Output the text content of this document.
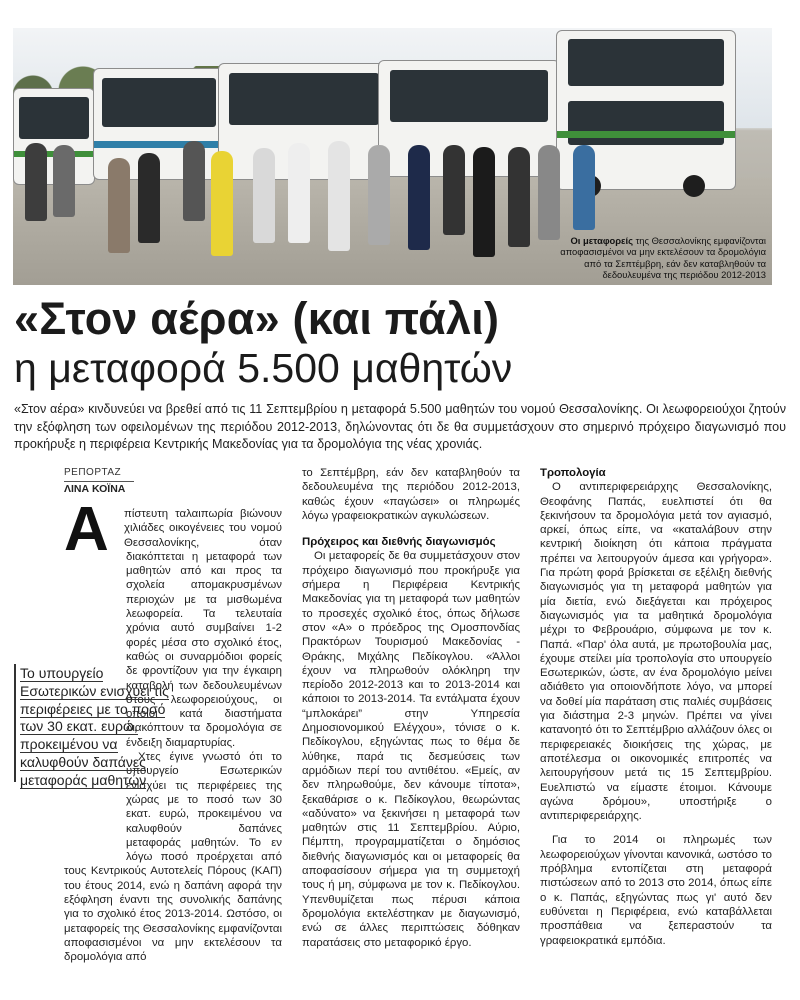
Οι μεταφορείς της Θεσσαλονίκης εμφανίζονται αποφασισμένοι να μην εκτελέσουν τα δρομολόγια από τα Σεπτέμβρη, εάν δεν καταβληθούν τα δεδουλευμένα της περιόδου 2012-2013
«Στον αέρα» (και πάλι)
η μεταφορά 5.500 μαθητών
«Στον αέρα» κινδυνεύει να βρεθεί από τις 11 Σεπτεμβρίου η μεταφορά 5.500 μαθητών του νομού Θεσσαλονίκης. Οι λεωφορειούχοι ζητούν την εξόφληση των οφειλομένων της περιόδου 2012-2013, δηλώνοντας ότι δε θα συμμετάσχουν στο σημερινό πρόχειρο διαγωνισμό που προκήρυξε η περιφέρεια Κεντρικής Μακεδονίας για τα δρομολόγια της νέας χρονιάς.
ΡΕΠΟΡΤΑΖ
ΛΙΝΑ ΚΟΪΝΑ

πίστευτη ταλαιπωρία βιώνουν χιλιάδες οικογένειες του νομού Θεσσαλονίκης, όταν διακόπτεται η μεταφορά των μαθητών από και προς τα σχολεία απομακρυσμένων περιοχών με τα μισθωμένα λεωφορεία. Τα τελευταία χρόνια αυτό συμβαίνει 1-2 φορές μέσα στο σχολικό έτος, καθώς οι συναρμόδιοι φορείς δε φροντίζουν για την έγκαιρη καταβολή των δεδουλευμένων στους λεωφορειούχους, οι οποίοι κατά διαστήματα διακόπτουν τα δρομολόγια σε ένδειξη διαμαρτυρίας.

Χτες έγινε γνωστό ότι το υπουργείο Εσωτερικών ενισχύει τις περιφέρειες της χώρας με το ποσό των 30 εκατ. ευρώ, προκειμένου να καλυφθούν δαπάνες μεταφοράς μαθητών. Το εν λόγω ποσό προέρχεται από τους Κεντρικούς Αυτοτελείς Πόρους (ΚΑΠ) του έτους 2014, ενώ η δαπάνη αφορά την εξόφληση έναντι της συνολικής δαπάνης για το σχολικό έτος 2013-2014. Ωστόσο, οι μεταφορείς της Θεσσαλονίκης εμφανίζονται αποφασισμένοι να μην εκτελέσουν τα δρομολόγια από

Α
Το υπουργείο Εσωτερικών ενισχύει τις περιφέρειες με το ποσό των 30 εκατ. ευρώ, προκειμένου να καλυφθούν δαπάνες μεταφοράς μαθητών

το Σεπτέμβρη, εάν δεν καταβληθούν τα δεδουλευμένα της περιόδου 2012-2013, καθώς έχουν «παγώσει» οι πληρωμές λόγω γραφειοκρατικών αγκυλώσεων.

Πρόχειρος και διεθνής διαγωνισμός

Οι μεταφορείς δε θα συμμετάσχουν στον πρόχειρο διαγωνισμό που προκήρυξε για σήμερα η Περιφέρεια Κεντρικής Μακεδονίας για τη μεταφορά των μαθητών το προσεχές σχολικό έτος, όπως δήλωσε στον «Α» ο πρόεδρος της Ομοσπονδίας Πρακτόρων Τουρισμού Μακεδονίας - Θράκης, Μιχάλης Πεδίκογλου. «Άλλοι έχουν να πληρωθούν ολόκληρη την περίοδο 2012-2013 και το 2013-2014 και κάποιοι το 2013-2014. Τα εντάλματα έχουν “μπλοκάρει” στην Υπηρεσία Δημοσιονομικού Ελέγχου», τόνισε ο κ. Πεδίκογλου, εξηγώντας πως το θέμα δε λύθηκε, παρά τις δεσμεύσεις των αρμόδιων περί του αντιθέτου. «Εμείς, αν δεν πληρωθούμε, δεν κάνουμε τίποτα», ξεκαθάρισε ο κ. Πεδίκογλου, θεωρώντας «αδύνατο» να ξεκινήσει η μεταφορά των μαθητών στις 11 Σεπτεμβρίου. Αύριο, Πέμπτη, προγραμματίζεται ο δημόσιος διεθνής διαγωνισμός και οι μεταφορείς θα αποφασίσουν σήμερα για τη συμμετοχή τους ή μη, σύμφωνα με τον κ. Πεδίκογλου. Υπενθυμίζεται πως πέρυσι κάποια δρομολόγια εκτελέστηκαν με διαγωνισμό, ενώ σε άλλες περιπτώσεις δόθηκαν παρατάσεις στο μεταφορικό έργο.

Τροπολογία

Ο αντιπεριφερειάρχης Θεσσαλονίκης, Θεοφάνης Παπάς, ευελπιστεί ότι θα ξεκινήσουν τα δρομολόγια μετά τον αγιασμό, αρκεί, όπως είπε, να «καταλάβουν στην κεντρική διοίκηση ότι κάποια πράγματα πρέπει να λειτουργούν άμεσα και γρήγορα». Για πρώτη φορά βρίσκεται σε εξέλιξη διεθνής διαγωνισμός για τη μεταφορά μαθητών για μία διετία, ενώ διεξάγεται και πρόχειρος διαγωνισμός για τα μαθητικά δρομολόγια μέχρι το Φεβρουάριο, σύμφωνα με τον κ. Παπά. «Παρ' όλα αυτά, με πρωτοβουλία μας, έχουμε στείλει μία τροπολογία στο υπουργείο Εσωτερικών, ώστε, αν ένα δρομολόγιο μείνει αδιάθετο για οποιονδήποτε λόγο, να μπορεί να δοθεί μία παράταση στις παλιές συμβάσεις για διάστημα 2-3 μηνών. Πρέπει να γίνει κατανοητό ότι το Σεπτέμβριο αλλάζουν όλες οι περιφερειακές διοικήσεις της χώρας, με αποτέλεσμα οι οικονομικές επιτροπές να λειτουργήσουν μετά τις 15 Σεπτεμβρίου. Ευελπιστώ να είμαστε έτοιμοι. Κάνουμε αγώνα δρόμου», υποστήριξε ο αντιπεριφερειάρχης.

Για το 2014 οι πληρωμές των λεωφορειούχων γίνονται κανονικά, ωστόσο το πρόβλημα εντοπίζεται στη μεταφορά πιστώσεων από το 2013 στο 2014, όπως είπε ο κ. Παπάς, εξηγώντας πως γι' αυτό δεν ευθύνεται η Περιφέρεια, ενώ καταβάλλεται προσπάθεια να ξεπεραστούν τα γραφειοκρατικά εμπόδια.
